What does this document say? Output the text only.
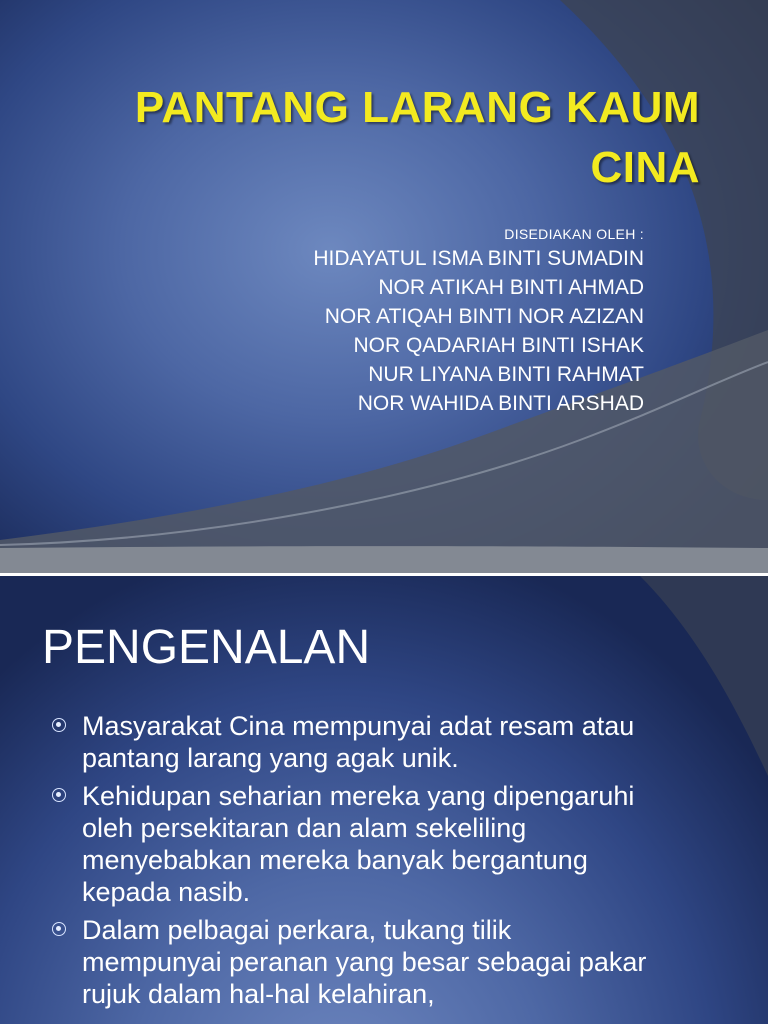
PANTANG LARANG KAUM CINA
DISEDIAKAN OLEH :
HIDAYATUL ISMA BINTI SUMADIN
NOR ATIKAH BINTI AHMAD
NOR ATIQAH BINTI NOR AZIZAN
NOR QADARIAH BINTI ISHAK
NUR LIYANA BINTI RAHMAT
NOR WAHIDA BINTI ARSHAD
PENGENALAN
Masyarakat Cina mempunyai adat resam atau pantang larang yang agak unik.
Kehidupan seharian mereka yang dipengaruhi oleh persekitaran dan alam sekeliling menyebabkan mereka banyak bergantung kepada nasib.
Dalam pelbagai perkara, tukang tilik mempunyai peranan yang besar sebagai pakar rujuk dalam hal-hal kelahiran,
